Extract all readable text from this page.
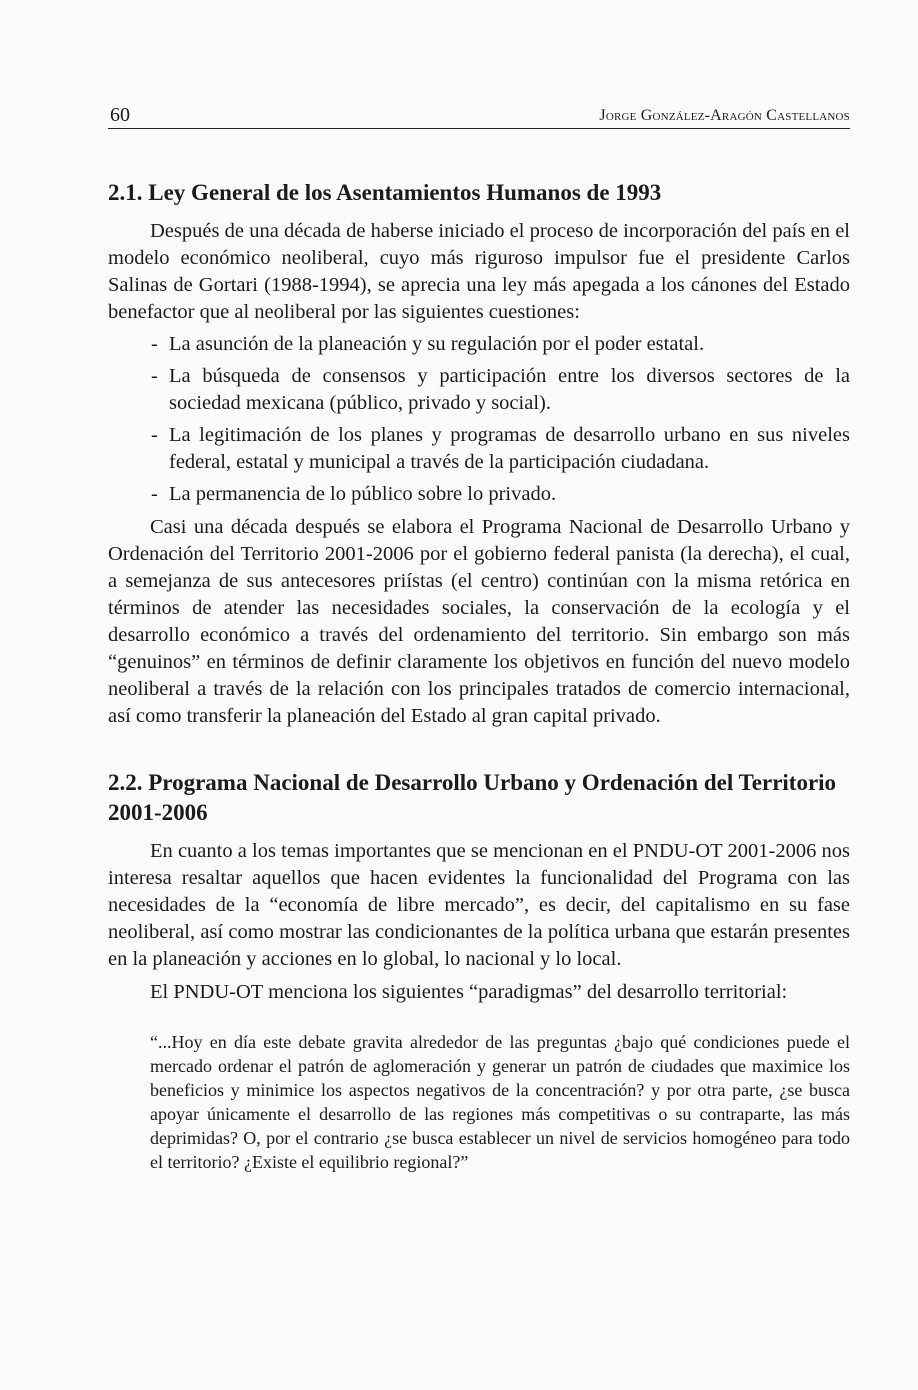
60	Jorge González-Aragón Castellanos
2.1. Ley General de los Asentamientos Humanos de 1993

Después de una década de haberse iniciado el proceso de incorporación del país en el modelo económico neoliberal, cuyo más riguroso impulsor fue el presidente Carlos Salinas de Gortari (1988-1994), se aprecia una ley más apegada a los cánones del Estado benefactor que al neoliberal por las siguientes cuestiones:

- La asunción de la planeación y su regulación por el poder estatal.
- La búsqueda de consensos y participación entre los diversos sectores de la sociedad mexicana (público, privado y social).
- La legitimación de los planes y programas de desarrollo urbano en sus niveles federal, estatal y municipal a través de la participación ciudadana.
- La permanencia de lo público sobre lo privado.

Casi una década después se elabora el Programa Nacional de Desarrollo Urbano y Ordenación del Territorio 2001-2006 por el gobierno federal panista (la derecha), el cual, a semejanza de sus antecesores priístas (el centro) continúan con la misma retórica en términos de atender las necesidades sociales, la conservación de la ecología y el desarrollo económico a través del ordenamiento del territorio. Sin embargo son más “genuinos” en términos de definir claramente los objetivos en función del nuevo modelo neoliberal a través de la relación con los principales tratados de comercio internacional, así como transferir la planeación del Estado al gran capital privado.

2.2. Programa Nacional de Desarrollo Urbano y Ordenación del Territorio 2001-2006

En cuanto a los temas importantes que se mencionan en el PNDU-OT 2001-2006 nos interesa resaltar aquellos que hacen evidentes la funcionalidad del Programa con las necesidades de la “economía de libre mercado”, es decir, del capitalismo en su fase neoliberal, así como mostrar las condicionantes de la política urbana que estarán presentes en la planeación y acciones en lo global, lo nacional y lo local.

El PNDU-OT menciona los siguientes “paradigmas” del desarrollo territorial:

“...Hoy en día este debate gravita alrededor de las preguntas ¿bajo qué condiciones puede el mercado ordenar el patrón de aglomeración y generar un patrón de ciudades que maximice los beneficios y minimice los aspectos negativos de la concentración? y por otra parte, ¿se busca apoyar únicamente el desarrollo de las regiones más competitivas o su contraparte, las más deprimidas? O, por el contrario ¿se busca establecer un nivel de servicios homogéneo para todo el territorio? ¿Existe el equilibrio regional?”
